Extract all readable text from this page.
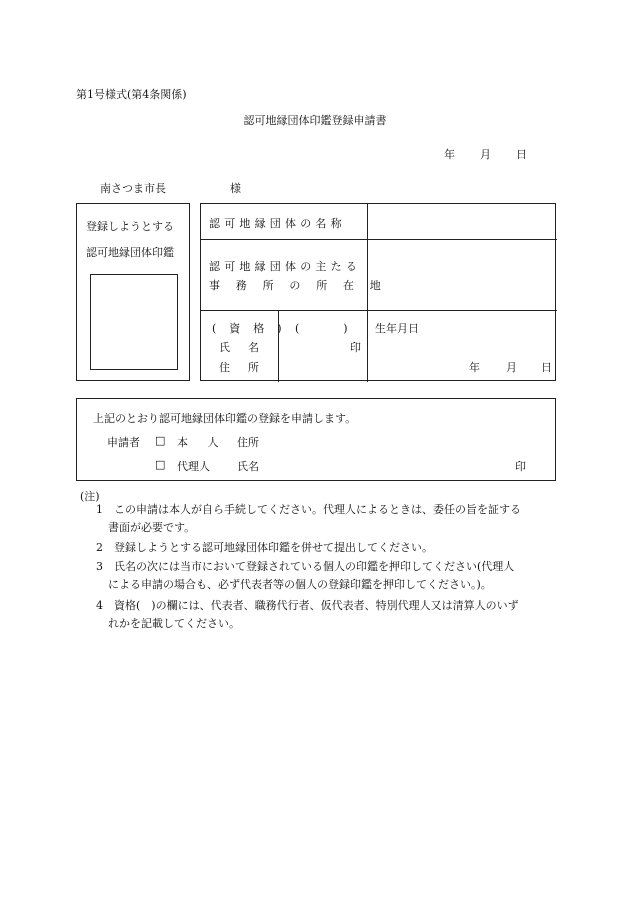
第1号様式(第4条関係)
認可地縁団体印鑑登録申請書
年 月 日
南さつま市長	様
登録しようとする
認可地縁団体印鑑
認可地縁団体の名称
認可地縁団体の主たる
事務所の所在地
(資格) (　　　　)
氏名	印
住所
生年月日
年 月 日
上記のとおり認可地縁団体印鑑の登録を申請します。
申請者 □ 本 人 住所
□ 代理人 氏名	印
(注)
1　この申請は本人が自ら手続してください。代理人によるときは、委任の旨を証する
書面が必要です。
2　登録しようとする認可地縁団体印鑑を併せて提出してください。
3　氏名の次には当市において登録されている個人の印鑑を押印してください(代理人
による申請の場合も、必ず代表者等の個人の登録印鑑を押印してください。)。
4　資格(　)の欄には、代表者、職務代行者、仮代表者、特別代理人又は清算人のいず
れかを記載してください。
